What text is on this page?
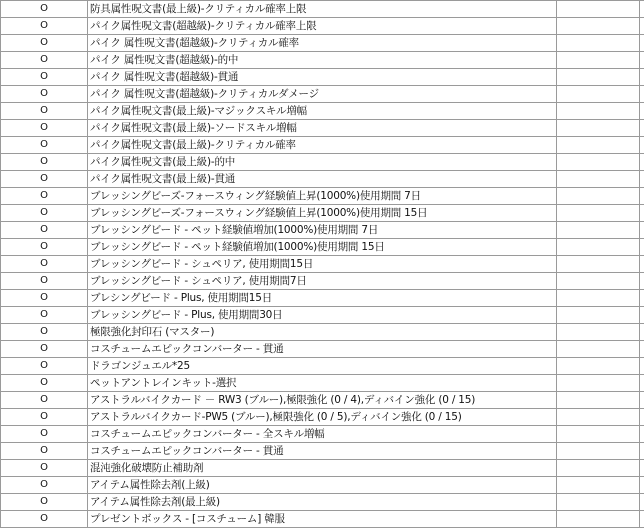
O	防具属性呪文書(最上級)-クリティカル確率上限		
O	パイク属性呪文書(超越級)-クリティカル確率上限		
O	パイク 属性呪文書(超越級)-クリティカル確率		
O	パイク 属性呪文書(超越級)-的中		
O	パイク 属性呪文書(超越級)-貫通		
O	パイク 属性呪文書(超越級)-クリティカルダメージ		
O	パイク属性呪文書(最上級)-マジックスキル増幅		
O	パイク属性呪文書(最上級)-ソードスキル増幅		
O	パイク属性呪文書(最上級)-クリティカル確率		
O	パイク属性呪文書(最上級)-的中		
O	パイク属性呪文書(最上級)-貫通		
O	ブレッシングビーズ-フォースウィング経験値上昇(1000%)使用期間 7日		
O	ブレッシングビーズ-フォースウィング経験値上昇(1000%)使用期間 15日		
O	ブレッシングビード - ペット経験値増加(1000%)使用期間 7日		
O	ブレッシングビード - ペット経験値増加(1000%)使用期間 15日		
O	ブレッシングビード - シュペリア, 使用期間15日		
O	ブレッシングビード - シュペリア, 使用期間7日		
O	ブレシングビード - Plus, 使用期間15日		
O	ブレッシングビード - Plus, 使用期間30日		
O	極限強化封印石 (マスター)		
O	コスチュームエピックコンバーター - 貫通		
O	ドラゴンジュエル*25		
O	ペットアントレインキット-選択		
O	アストラルバイクカード － RW3 (ブルー),極限強化 (0 / 4),ディバイン強化 (0 / 15)		
O	アストラルバイクカード-PW5 (ブルー),極限強化 (0 / 5),ディバイン強化 (0 / 15)		
O	コスチュームエピックコンバーター - 全スキル増幅		
O	コスチュームエピックコンバーター - 貫通		
O	混沌強化破壊防止補助剤		
O	アイテム属性除去剤(上級)		
O	アイテム属性除去剤(最上級)		
O	プレゼントボックス - [コスチューム] 韓服		
